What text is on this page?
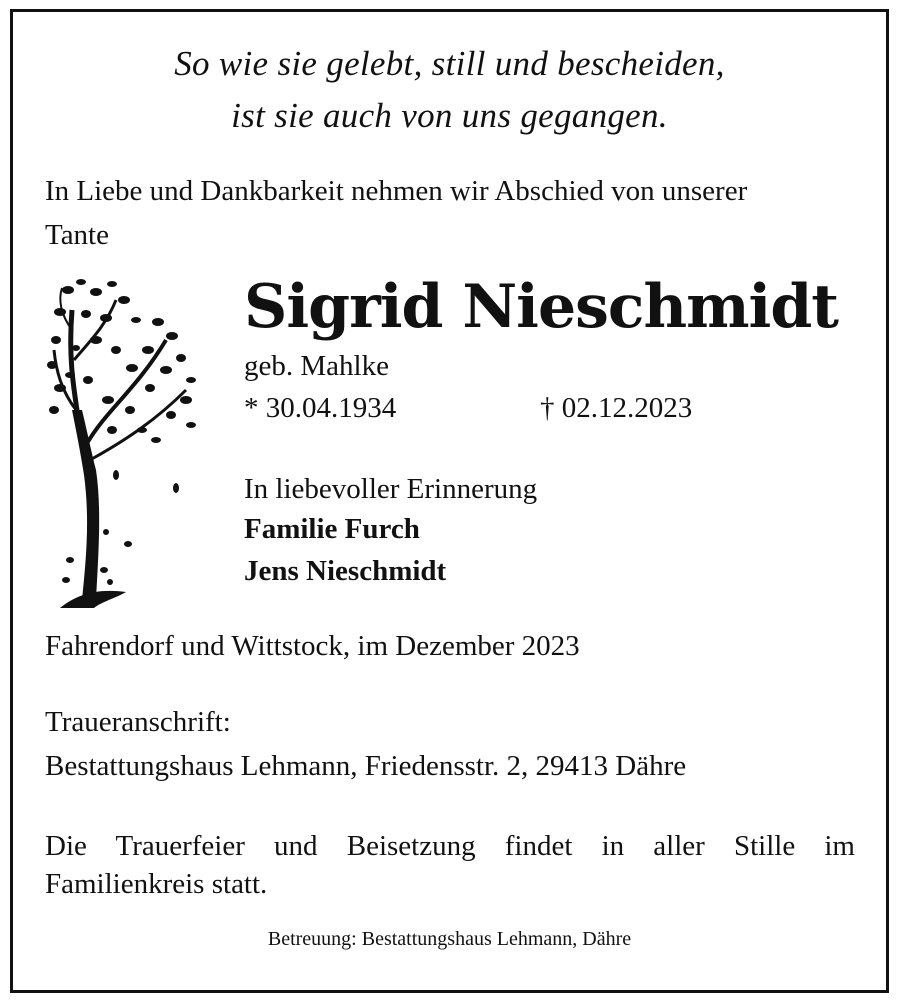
So wie sie gelebt, still und bescheiden,
ist sie auch von uns gegangen.
In Liebe und Dankbarkeit nehmen wir Abschied von unserer
Tante
Sigrid Nieschmidt
geb. Mahlke
* 30.04.1934	† 02.12.2023
In liebevoller Erinnerung
Familie Furch
Jens Nieschmidt
Fahrendorf und Wittstock, im Dezember 2023
Traueranschrift:
Bestattungshaus Lehmann, Friedensstr. 2, 29413 Dähre
Die Trauerfeier und Beisetzung findet in aller Stille im
Familienkreis statt.
Betreuung: Bestattungshaus Lehmann, Dähre
